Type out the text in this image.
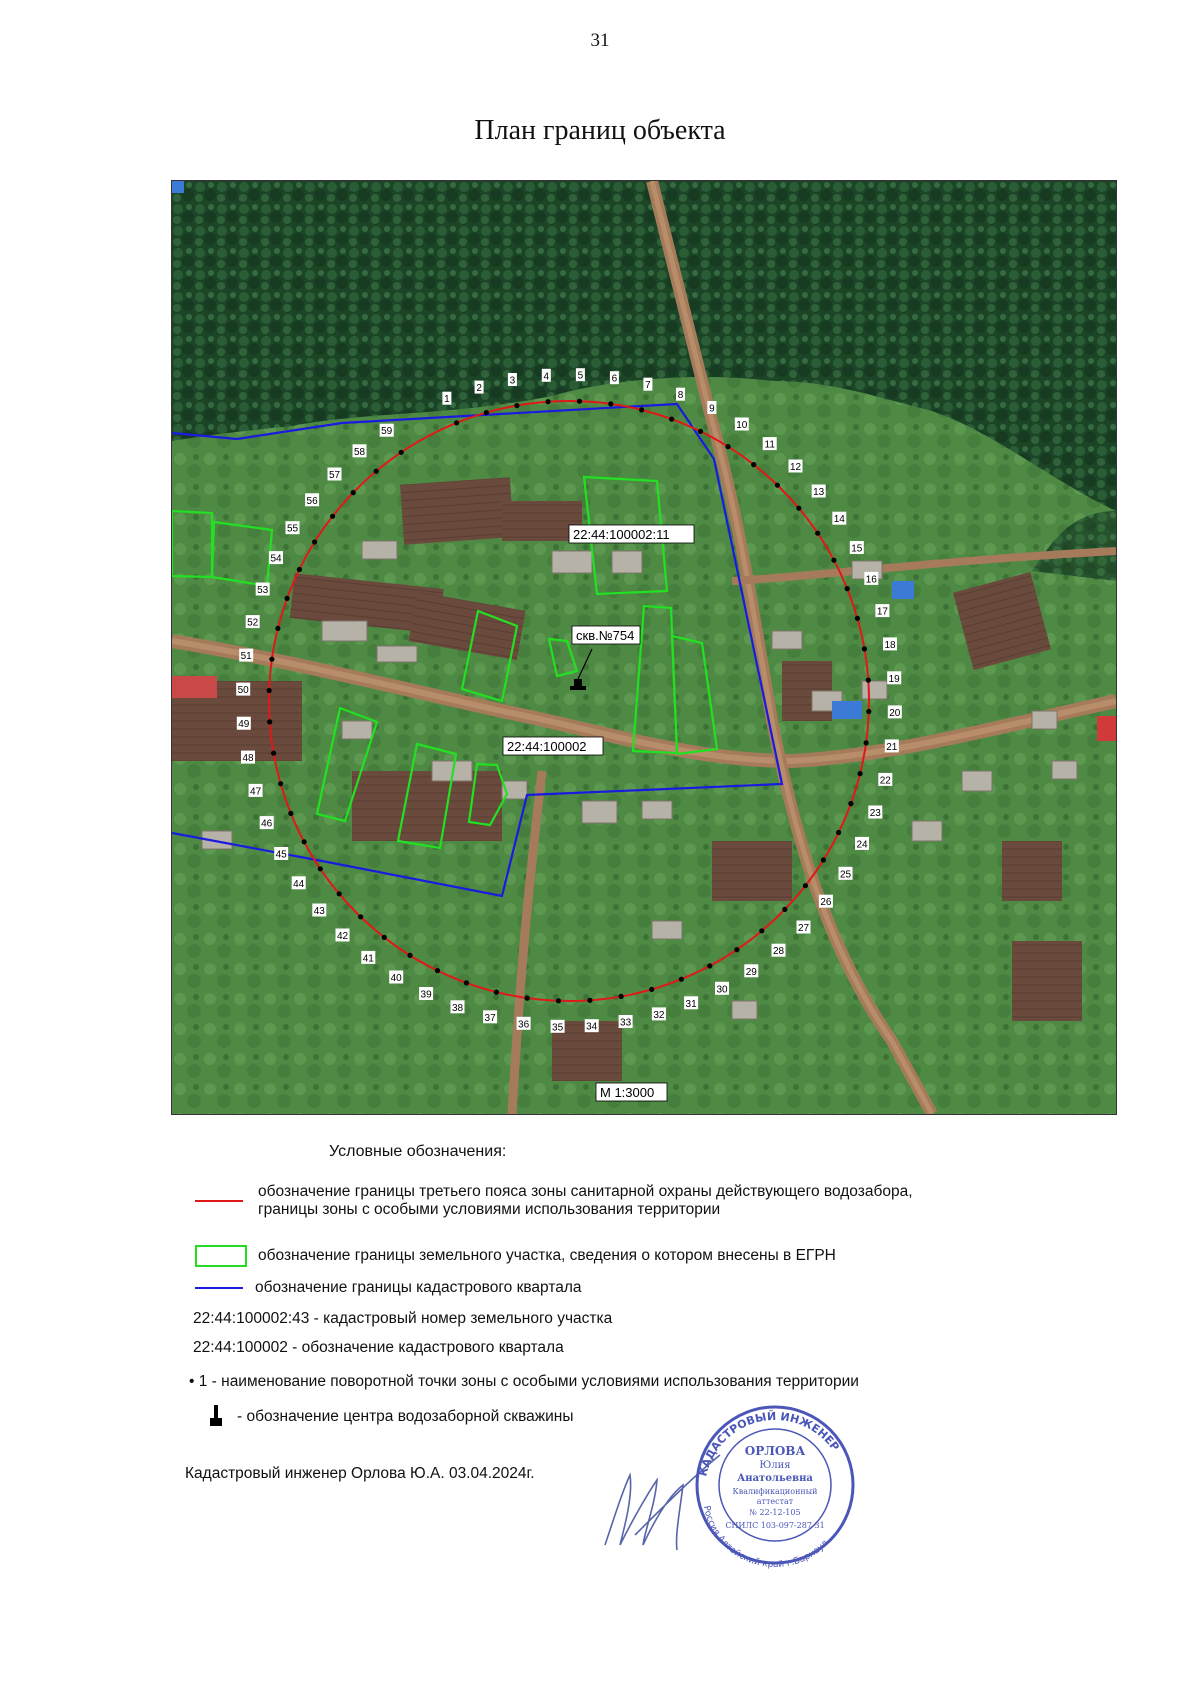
31
План границ объекта
1
2
3	4	5	6
7
8
9
10
11
12
13
14
15
16
17
18
19
20
21
22
23
24
25
26
27
28
29
30
31
32
33
34
35
36
37
38
39
40
41
42
43
44
45
46
47
48
49
50
51
52
53
54
55
56
57
58
59
скв.№754
22:44:100002:11
22:44:100002
М 1:3000
Условные обозначения:
обозначение границы третьего пояса зоны санитарной охраны действующего водозабора,
границы зоны с особыми условиями использования территории
обозначение границы земельного участка, сведения о котором внесены в ЕГРН
обозначение границы кадастрового квартала
22:44:100002:43 - кадастровый номер земельного участка
22:44:100002 - обозначение кадастрового квартала
• 1 - наименование поворотной точки зоны с особыми условиями использования территории
- обозначение центра водозаборной скважины
Кадастровый инженер Орлова Ю.А. 03.04.2024г.	КАДАСТРОВЫЙ ИНЖЕНЕР
Россия Алтайский край г.Барнаул
ОРЛОВА
Юлия
Анатольевна
Квалификационный
аттестат
№ 22-12-105
СНИЛС 103-097-287 31
